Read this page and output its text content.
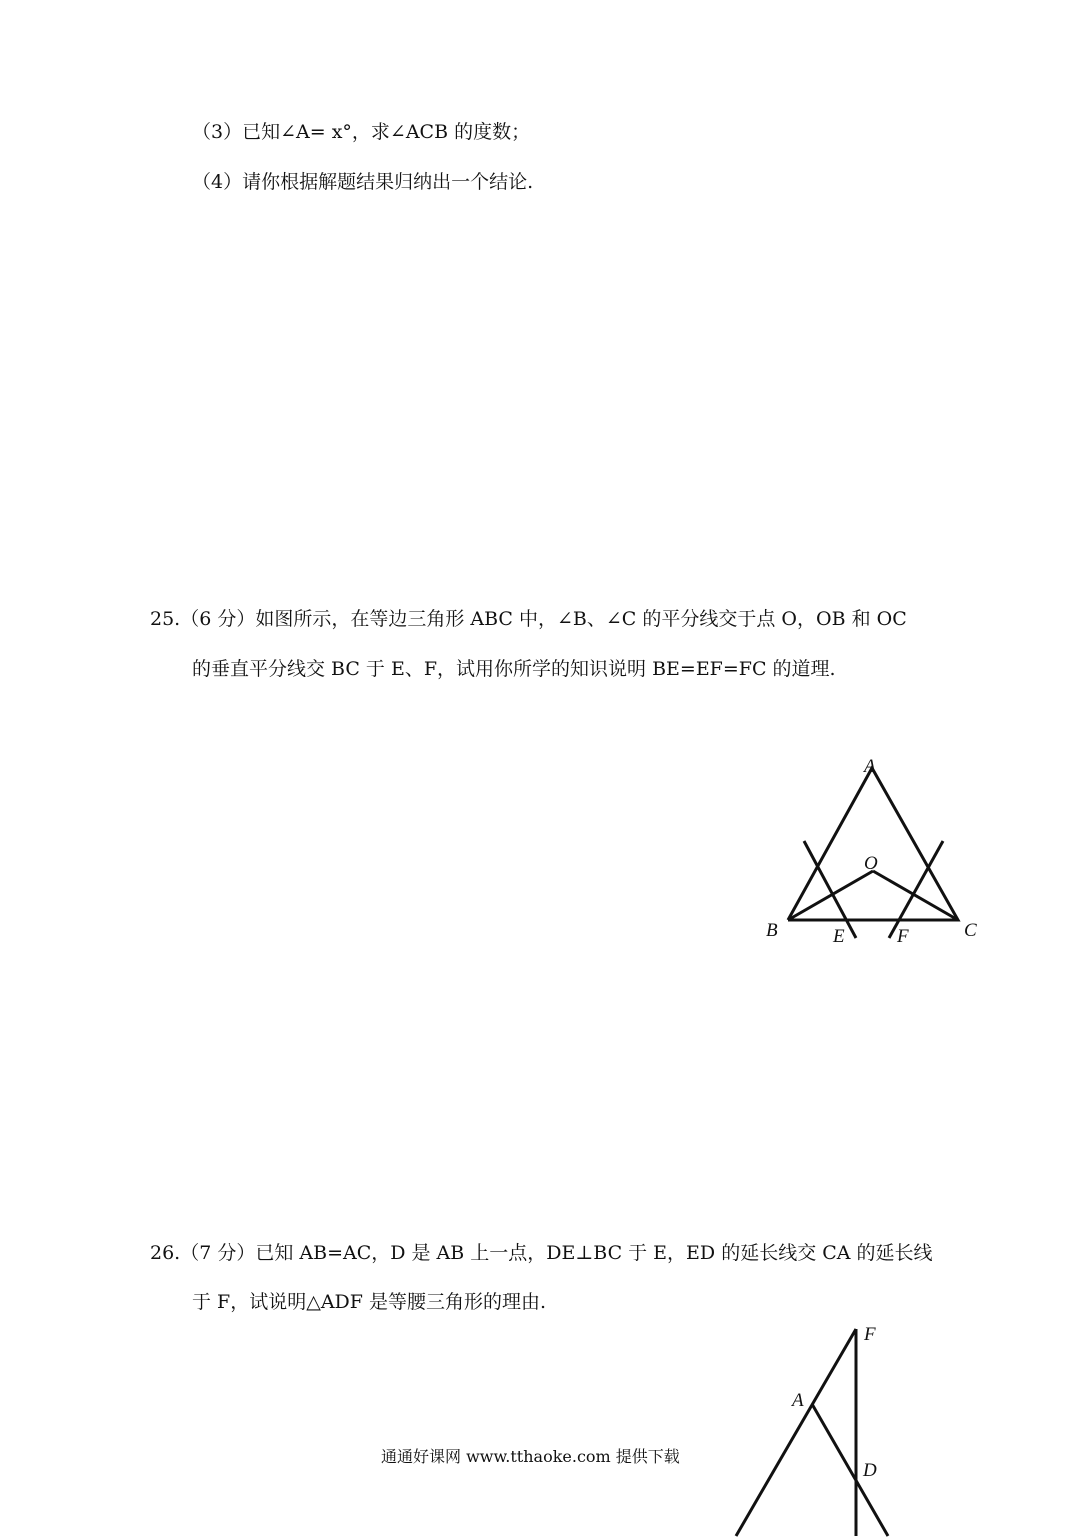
（3）已知∠A= x°，求∠ACB 的度数；
（4）请你根据解题结果归纳出一个结论.
25.（6 分）如图所示，在等边三角形 ABC 中，∠B、∠C 的平分线交于点 O，OB 和 OC
的垂直平分线交 BC 于 E、F，试用你所学的知识说明 BE=EF=FC 的道理.
A
O
B	C
E	F
26.（7 分）已知 AB=AC，D 是 AB 上一点，DE⊥BC 于 E，ED 的延长线交 CA 的延长线
于 F，试说明△ADF 是等腰三角形的理由.
F
A
D
通通好课网 www.tthaoke.com 提供下载
